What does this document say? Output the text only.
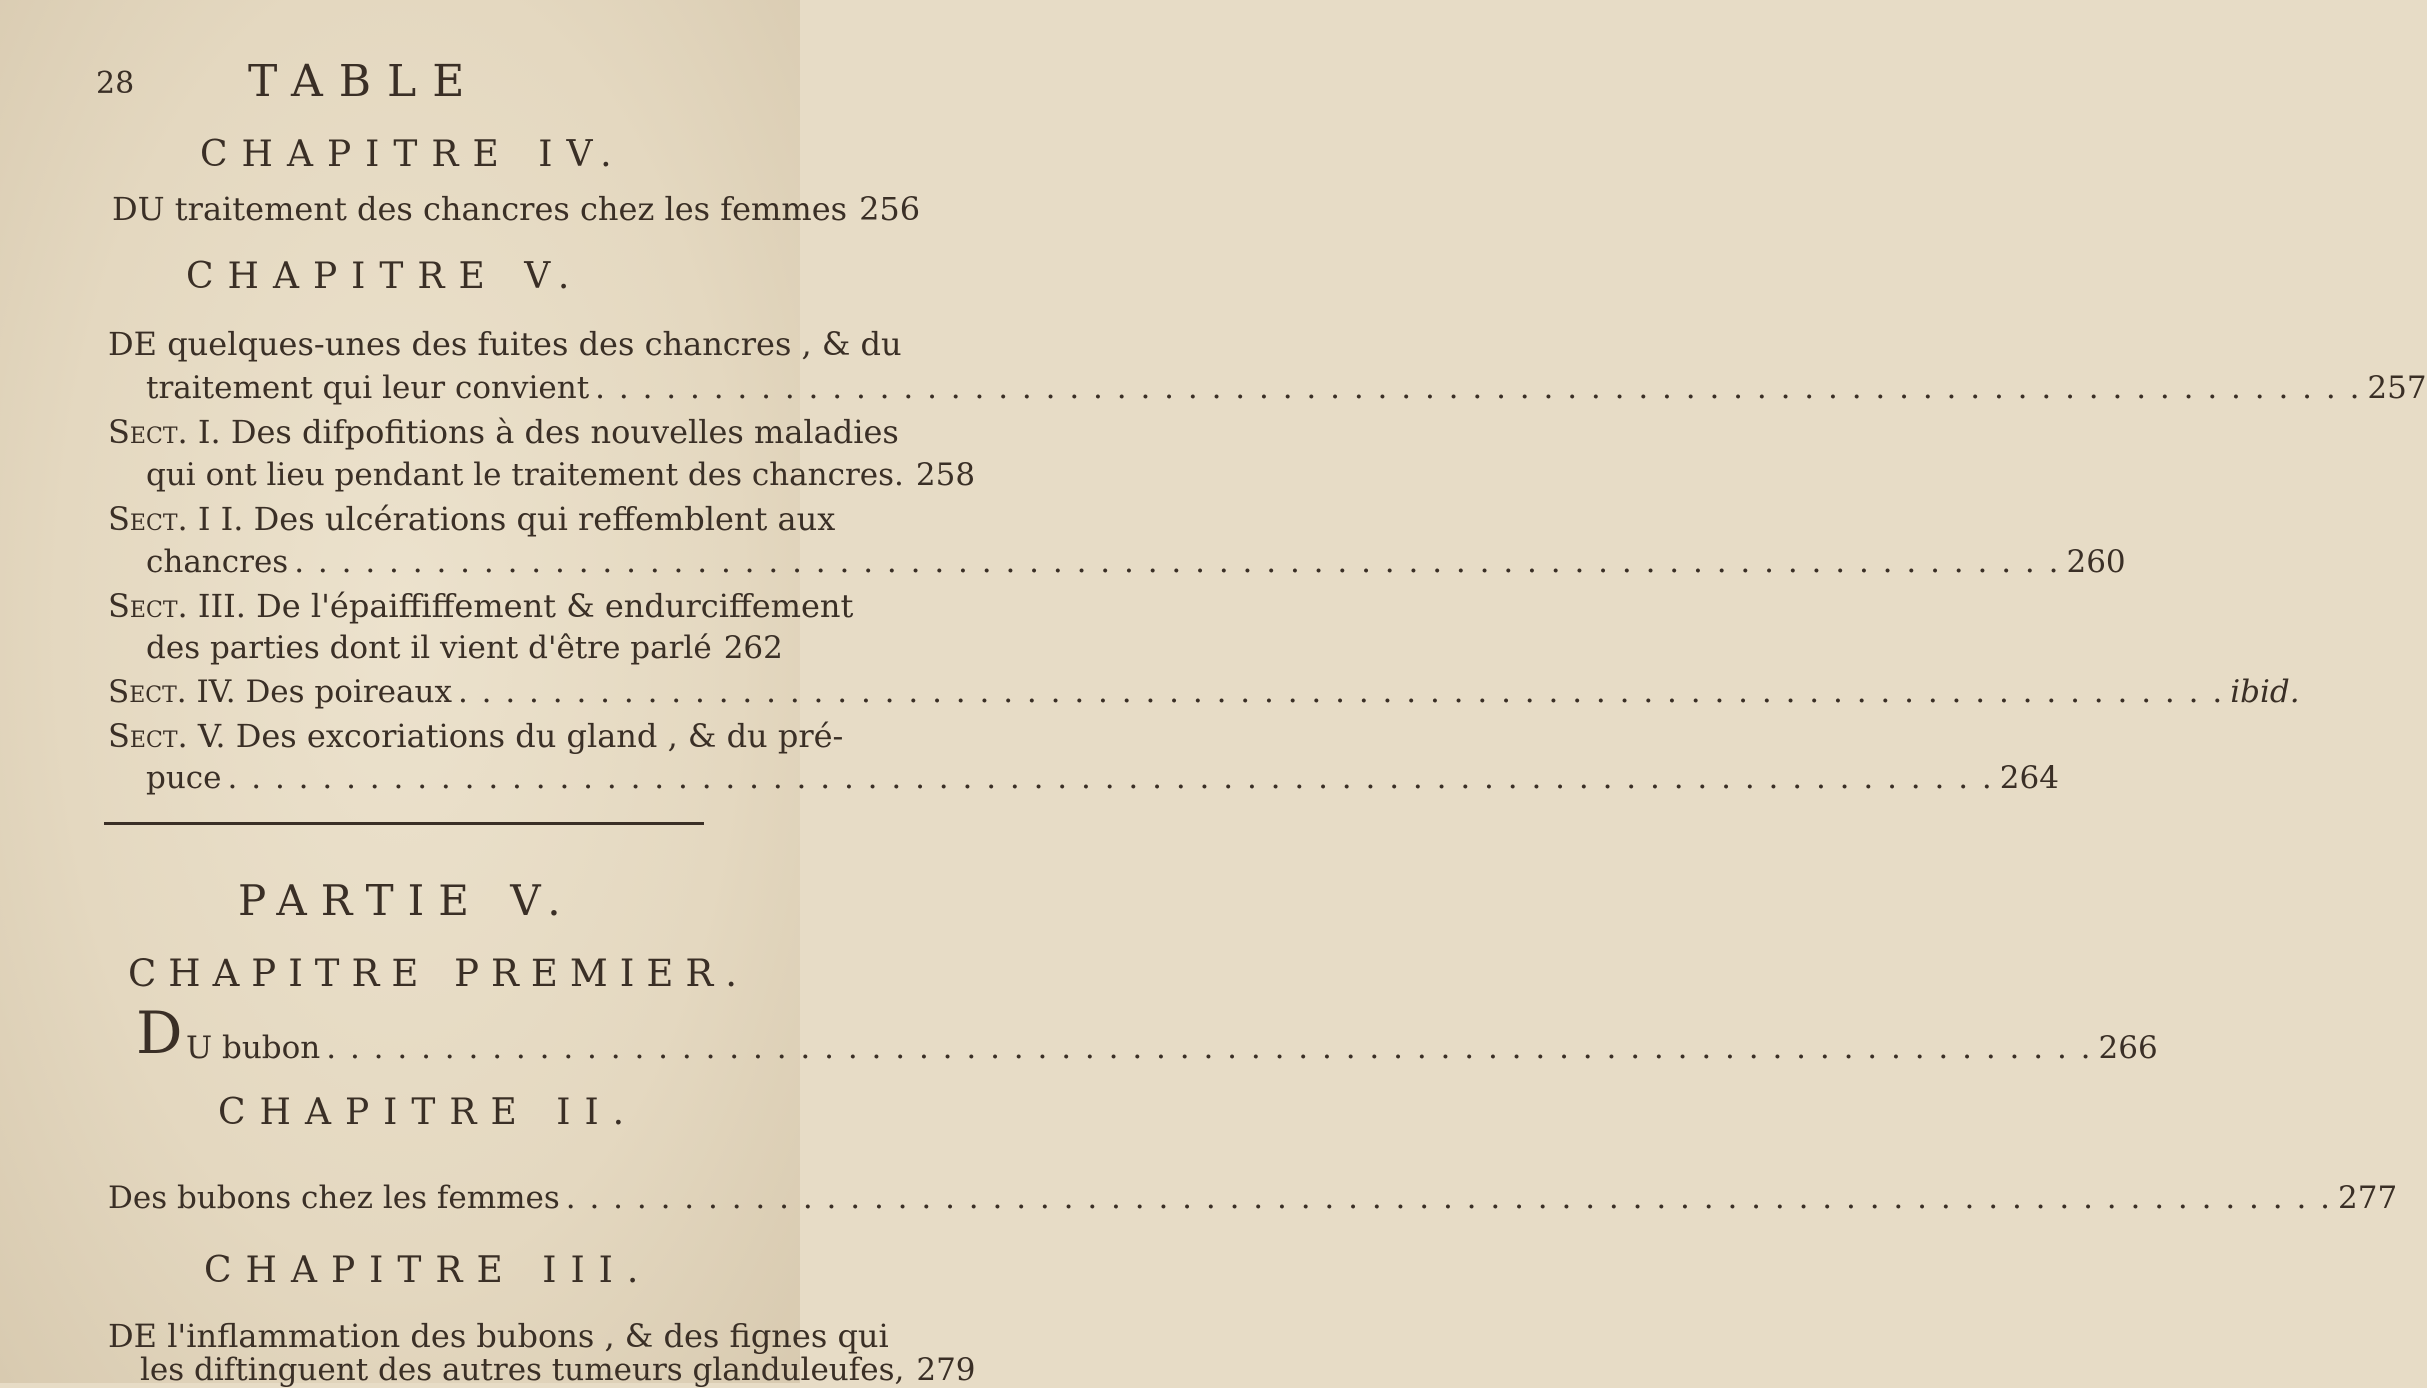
28	TABLE
CHAPITRE IV.
DU traitement des chancres chez les femmes 256
CHAPITRE V.
DE quelques-unes des fuites des chancres , & du
traitement qui leur convient . . .	257
Sect. I. Des difpofitions à des nouvelles maladies
qui ont lieu pendant le traitement des chancres. 258
Sect. I I. Des ulcérations qui reffemblent aux
chancres . . .	260
Sect. III. De l'épaiffiffement & endurciffement
des parties dont il vient d'être parlé 262
Sect. IV. Des poireaux . . .	ibid.
Sect. V. Des excoriations du gland , & du pré-
puce . . .	264
PARTIE V.
CHAPITRE PREMIER.
D U bubon . . .	266
CHAPITRE II.
Des bubons chez les femmes . . .	277
CHAPITRE III.
DE l'inflammation des bubons , & des fignes qui
les diftinguent des autres tumeurs glanduleufes, 279
